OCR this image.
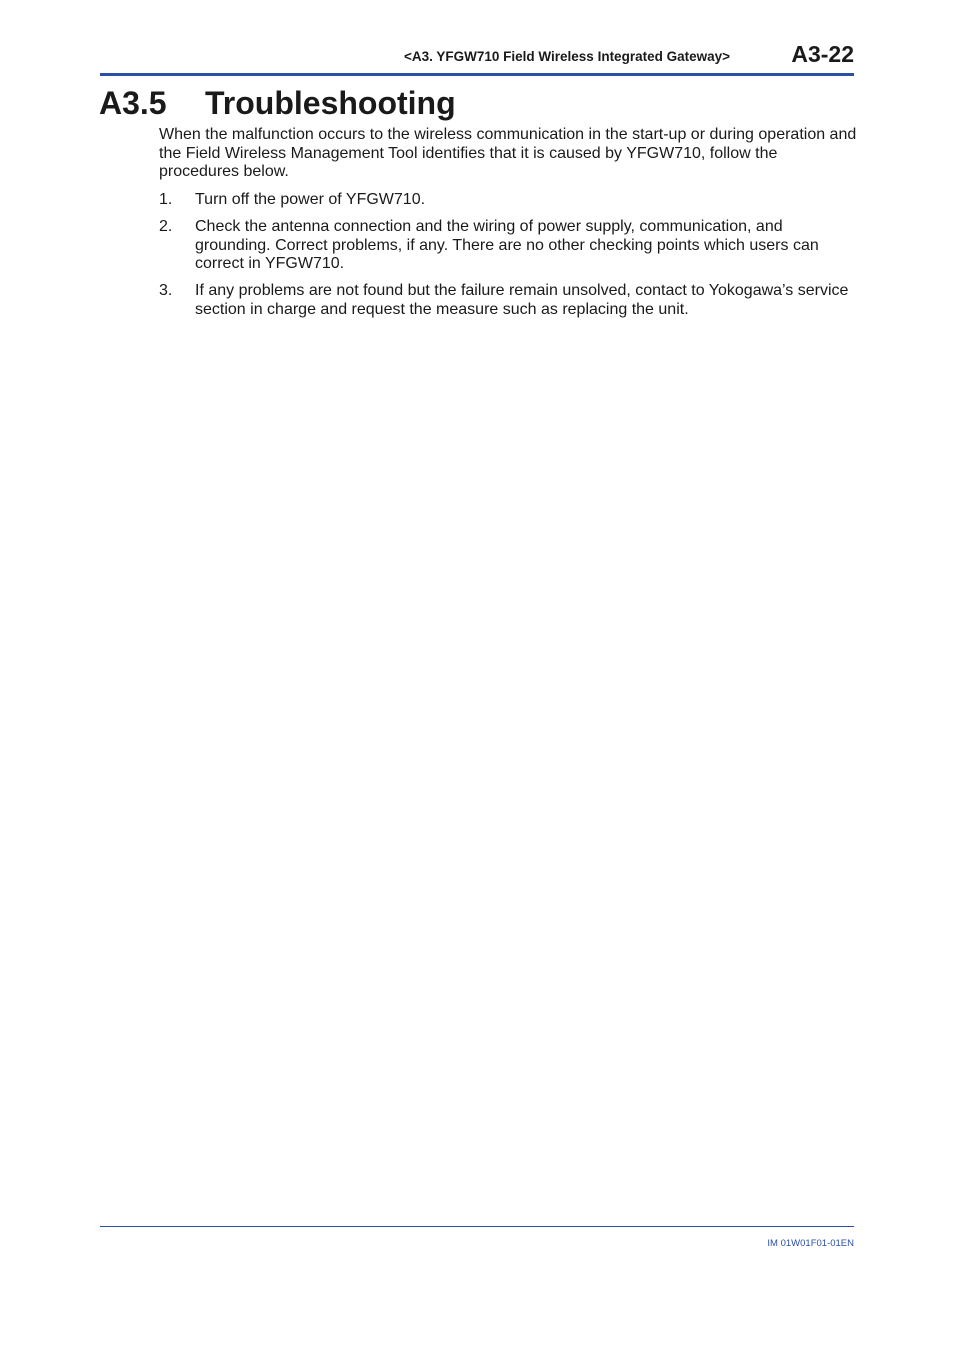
<A3. YFGW710 Field Wireless Integrated Gateway>	A3-22
A3.5 Troubleshooting

When the malfunction occurs to the wireless communication in the start-up or during operation and the Field Wireless Management Tool identifies that it is caused by YFGW710, follow the procedures below.

1. Turn off the power of YFGW710.
2. Check the antenna connection and the wiring of power supply, communication, and grounding. Correct problems, if any. There are no other checking points which users can correct in YFGW710.
3. If any problems are not found but the failure remain unsolved, contact to Yokogawa’s service section in charge and request the measure such as replacing the unit.
IM 01W01F01-01EN
